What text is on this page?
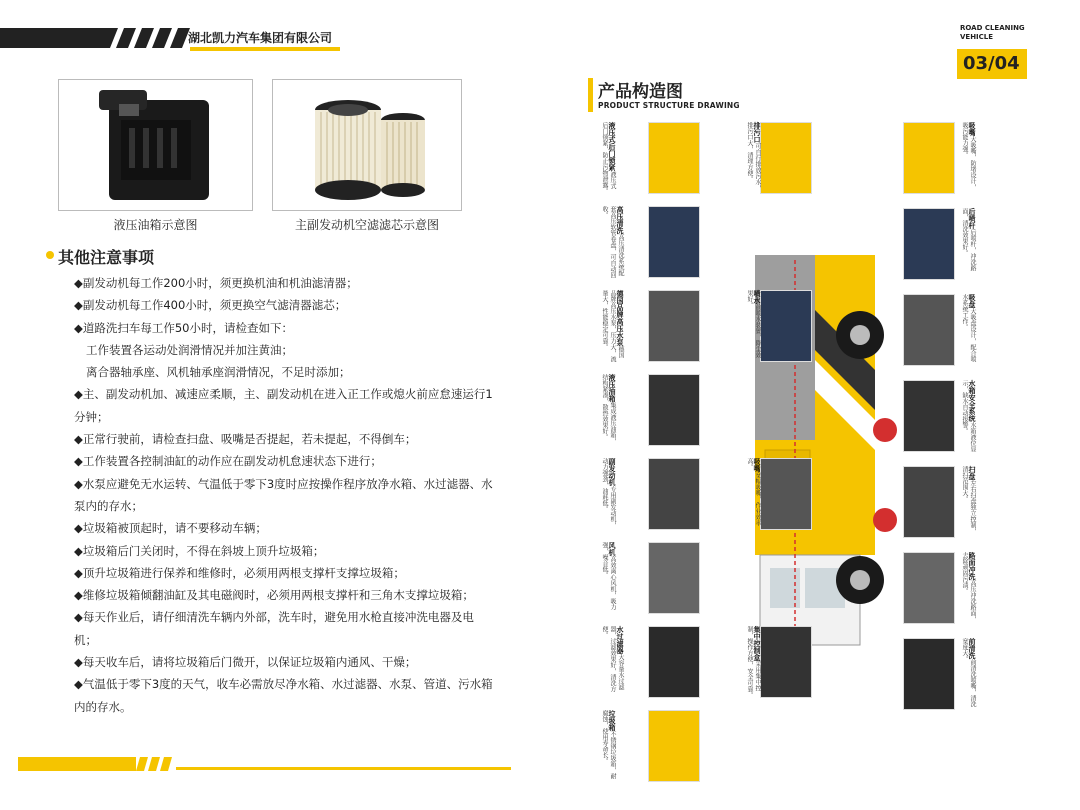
湖北凯力汽车集团有限公司
ROAD CLEANING
VEHICLE
03/04
液压油箱示意图	主副发动机空滤滤芯示意图
其他注意事项

◆副发动机每工作200小时，须更换机油和机油滤清器；

◆副发动机每工作400小时，须更换空气滤清器滤芯；

◆道路洗扫车每工作50小时，请检查如下：

工作装置各运动处润滑情况并加注黄油；

离合器轴承座、风机轴承座润滑情况，不足时添加；

◆主、副发动机加、减速应柔顺，主、副发动机在进入正工作或熄火前应怠速运行1分钟；

◆正常行驶前，请检查扫盘、吸嘴是否提起，若未提起，不得倒车；

◆工作装置各控制油缸的动作应在副发动机怠速状态下进行；

◆水泵应避免无水运转、气温低于零下3度时应按操作程序放净水箱、水过滤器、水泵内的存水；

◆垃圾箱被顶起时，请不要移动车辆；

◆垃圾箱后门关闭时，不得在斜坡上顶升垃圾箱；

◆顶升垃圾箱进行保养和维修时，必须用两根支撑杆支撑垃圾箱；

◆维修垃圾箱倾翻油缸及其电磁阀时，必须用两根支撑杆和三角木支撑垃圾箱；

◆每天作业后，请仔细清洗车辆内外部，洗车时，避免用水枪直接冲洗电器及电机；

◆每天收车后，请将垃圾箱后门微开，以保证垃圾箱内通风、干燥；

◆气温低于零下3度的天气，收车必需放尽净水箱、水过滤器、水泵、管道、污水箱内的存水。

产品构造图
PRODUCT STRUCTURE DRAWING
液压式后门锁紧液压式后门锁紧，防止污物泄露。
高压清洗高压清洗系统配套高压软管卷盘，可自动回收。
德国品牌高压水泵德国品牌高压水泵，压力大，流量大，性能稳定可靠。
液压油箱集成液压油箱，结构紧凑，散热效果好。
副发动机专用副发动机，动力强劲，油耗低。
风机高效离心风机，吸力强，噪音低。
水过滤器大容量水过滤器，过滤效果好，清洗方便。
垃圾箱不锈钢垃圾箱，耐腐蚀，使用寿命长。
排污口可自行排放污水，排污口大，清理方便。
喷水前喷水装置，降尘效果好。
吸嘴宽幅吸嘴，作业效率高。
集中控制盒采用集中控制，操作方便，安全可靠。
吸嘴大吸嘴，防堵设计，吸污能力强。
后喷杆后喷杆，冲洗路面，清洗效果好。
吸盘大吸盘设计，配合喷水系统工作。
水箱安全系统水箱液位显示，缺水自动报警。
扫盘左右扫盘独立控制，清扫范围大。
路面冲洗高压冲洗路面，去除顽固污渍。
前清洗前清洗喷嘴，清洗宽度大。
